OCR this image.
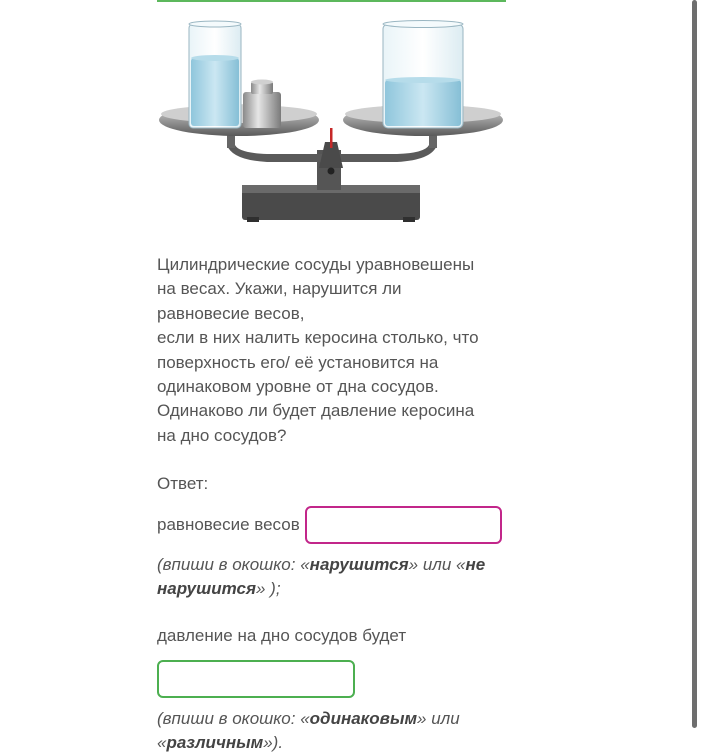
Цилиндрические сосуды уравновешены на весах. Укажи, нарушится ли равновесие весов,
если в них налить керосина столько, что поверхность его/ её установится на одинаковом уровне от дна сосудов.
Одинаково ли будет давление керосина на дно сосудов?
Ответ:
равновесие весов
(впиши в окошко: «нарушится» или «не нарушится» );
давление на дно сосудов будет
(впиши в окошко: «одинаковым» или «различным»).
